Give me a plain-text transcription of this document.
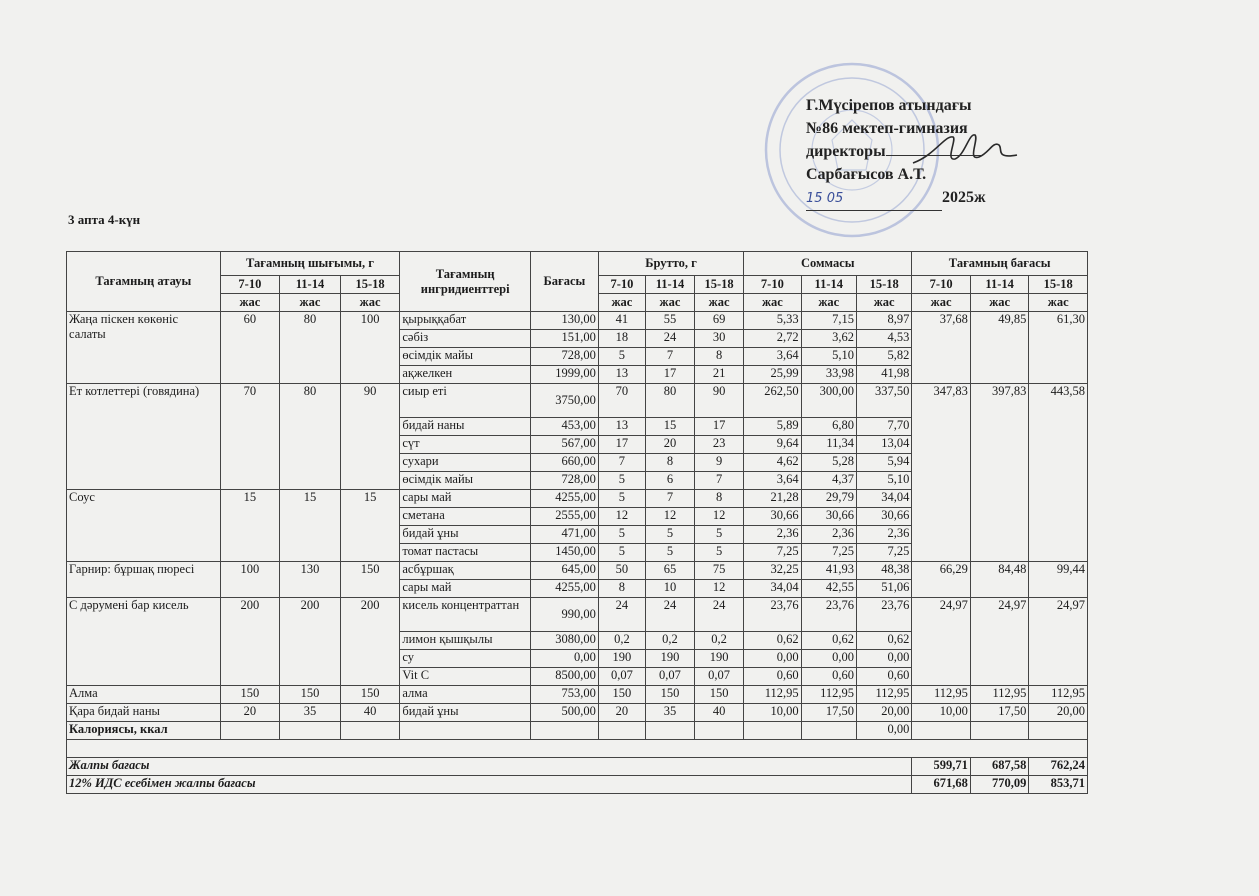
Г.Мүсірепов атындағы
№86 мектеп-гимназия
директоры
Сарбағысов А.Т.
15 05	2025ж
3 апта 4-күн
Тағамның атауы	Тағамның шығымы, г			Тағамның ингридиенттері	Бағасы	Брутто, г			Соммасы			Тағамның бағасы		
	7-10	11-14	15-18			7-10	11-14	15-18	7-10	11-14	15-18	7-10	11-14	15-18
	жас	жас	жас			жас	жас	жас	жас	жас	жас	жас	жас	жас
Жаңа піскен көкөніс салаты	60	80	100	қырыққабат	130,00	41	55	69	5,33	7,15	8,97	37,68	49,85	61,30
				сәбіз	151,00	18	24	30	2,72	3,62	4,53			
				өсімдік майы	728,00	5	7	8	3,64	5,10	5,82			
				ақжелкен	1999,00	13	17	21	25,99	33,98	41,98			
Ет котлеттері (говядина)	70	80	90	сиыр еті	3750,00	70	80	90	262,50	300,00	337,50	347,83	397,83	443,58
				бидай наны	453,00	13	15	17	5,89	6,80	7,70			
				сүт	567,00	17	20	23	9,64	11,34	13,04			
				сухари	660,00	7	8	9	4,62	5,28	5,94			
				өсімдік майы	728,00	5	6	7	3,64	4,37	5,10			
Соус	15	15	15	сары май	4255,00	5	7	8	21,28	29,79	34,04			
				сметана	2555,00	12	12	12	30,66	30,66	30,66			
				бидай ұны	471,00	5	5	5	2,36	2,36	2,36			
				томат пастасы	1450,00	5	5	5	7,25	7,25	7,25			
Гарнир: бұршақ пюресі	100	130	150	асбұршақ	645,00	50	65	75	32,25	41,93	48,38	66,29	84,48	99,44
				сары май	4255,00	8	10	12	34,04	42,55	51,06			
С дәрумені бар кисель	200	200	200	кисель концентраттан	990,00	24	24	24	23,76	23,76	23,76	24,97	24,97	24,97
				лимон қышқылы	3080,00	0,2	0,2	0,2	0,62	0,62	0,62			
				су	0,00	190	190	190	0,00	0,00	0,00			
				Vit C	8500,00	0,07	0,07	0,07	0,60	0,60	0,60			
Алма	150	150	150	алма	753,00	150	150	150	112,95	112,95	112,95	112,95	112,95	112,95
Қара бидай наны	20	35	40	бидай ұны	500,00	20	35	40	10,00	17,50	20,00	10,00	17,50	20,00
Калориясы, ккал											0,00			

Жалпы бағасы												599,71	687,58	762,24
12% ИДС есебімен жалпы бағасы												671,68	770,09	853,71
